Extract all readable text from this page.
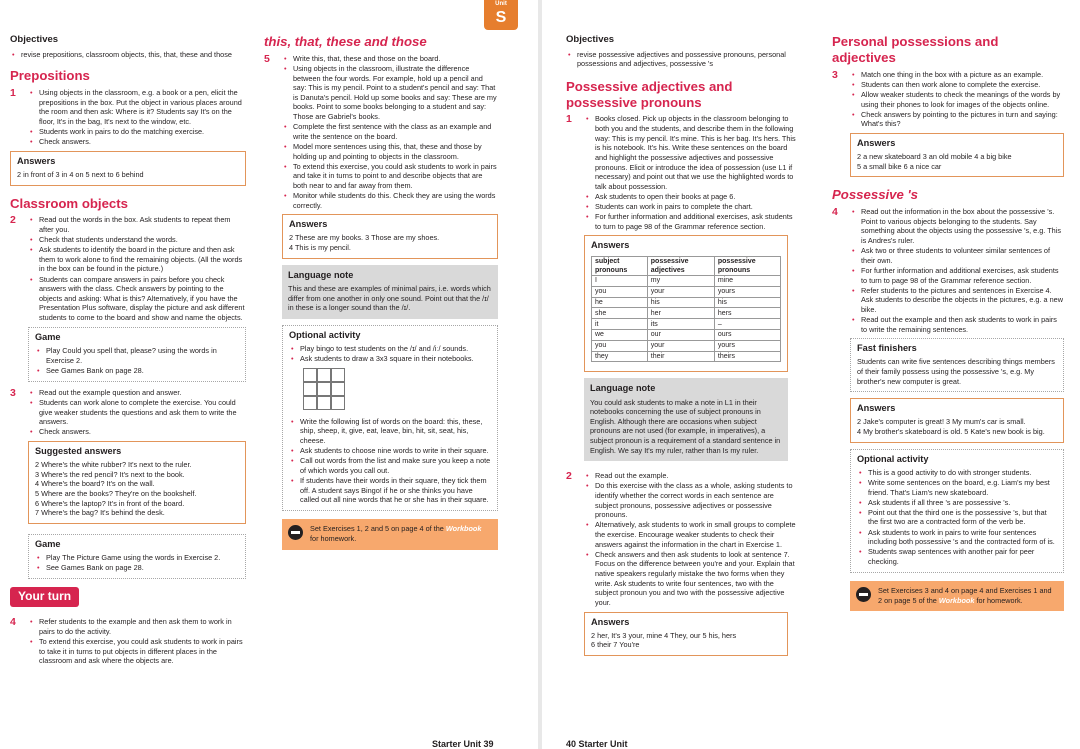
Unit
S
Objectives
• revise prepositions, classroom objects, this, that, these and those
Prepositions
1	• Using objects in the classroom, e.g. a book or a pen, elicit the prepositions in the box. Put the object in various places around the room and then ask: Where is it? Students say It's on the floor, It's in the bag, It's next to the window, etc.
• Students work in pairs to do the matching exercise.
• Check answers.
Answers
2 in front of 3 in 4 on 5 next to 6 behind
Classroom objects
2	• Read out the words in the box. Ask students to repeat them after you.
• Check that students understand the words.
• Ask students to identify the board in the picture and then ask them to work alone to find the remaining objects. (All the words in the box can be found in the picture.)
• Students can compare answers in pairs before you check answers with the class. Check answers by pointing to the objects and asking: What is this? Alternatively, if you have the Presentation Plus software, display the picture and ask different students to come to the board and show and name the objects.
Game
• Play Could you spell that, please? using the words in Exercise 2.
• See Games Bank on page 28.
3	• Read out the example question and answer.
• Students can work alone to complete the exercise. You could give weaker students the questions and ask them to write the answers.
• Check answers.
Suggested answers
2 Where's the white rubber? It's next to the ruler.
3 Where's the red pencil? It's next to the book.
4 Where's the board? It's on the wall.
5 Where are the books? They're on the bookshelf.
6 Where's the laptop? It's in front of the board.
7 Where's the bag? It's behind the desk.
Game
• Play The Picture Game using the words in Exercise 2.
• See Games Bank on page 28.
Your turn
4	• Refer students to the example and then ask them to work in pairs to do the activity.
• To extend this exercise, you could ask students to work in pairs to take it in turns to put objects in different places in the classroom and ask where the objects are.
this, that, these and those
5	• Write this, that, these and those on the board.
• Using objects in the classroom, illustrate the difference between the four words. For example, hold up a pencil and say: This is my pencil. Point to a student's pencil and say: That is Danuta's pencil. Hold up some books and say: These are my books. Point to some books belonging to a student and say: Those are Gabriel's books.
• Complete the first sentence with the class as an example and write the sentence on the board.
• Model more sentences using this, that, these and those by holding up and pointing to objects in the classroom.
• To extend this exercise, you could ask students to work in pairs and take it in turns to point to and describe objects that are both near to and far away from them.
• Monitor while students do this. Check they are using the words correctly.
Answers
2 These are my books. 3 Those are my shoes.
4 This is my pencil.
Language note
This and these are examples of minimal pairs, i.e. words which differ from one another in only one sound. Point out that the /ɪ/ in these is a longer sound than the /ɪ/.
Optional activity
• Play bingo to test students on the /ɪ/ and /iː/ sounds.
• Ask students to draw a 3x3 square in their notebooks.
• Write the following list of words on the board: this, these, ship, sheep, it, give, eat, leave, bin, hit, sit, seat, his, cheese.
• Ask students to choose nine words to write in their square.
• Call out words from the list and make sure you keep a note of which words you call out.
• If students have their words in their square, they tick them off. A student says Bingo! if he or she thinks you have called out all nine words that he or she has in their square.
Set Exercises 1, 2 and 5 on page 4 of the Workbook for homework.
Starter Unit 39
Objectives
• revise possessive adjectives and possessive pronouns, personal possessions and adjectives, possessive 's
Possessive adjectives and possessive pronouns
1	• Books closed. Pick up objects in the classroom belonging to both you and the students, and describe them in the following way: This is my pencil. It's mine. This is her bag. It's hers. This is his notebook. It's his. Write these sentences on the board and highlight the possessive adjectives and possessive pronouns. Elicit or introduce the idea of possession (use L1 if necessary) and point out that we use the highlighted words to talk about possession.
• Ask students to open their books at page 6.
• Students can work in pairs to complete the chart.
• For further information and additional exercises, ask students to turn to page 98 of the Grammar reference section.
Answers
subject pronouns	possessive adjectives	possessive pronouns
I	my	mine
you	your	yours
he	his	his
she	her	hers
it	its	–
we	our	ours
you	your	yours
they	their	theirs
Language note
You could ask students to make a note in L1 in their notebooks concerning the use of subject pronouns in English. Although there are occasions when subject pronouns are not used (for example, in imperatives), a subject pronoun is a requirement of a standard sentence in English. We say It's my ruler, rather than Is my ruler.
2	• Read out the example.
• Do this exercise with the class as a whole, asking students to identify whether the correct words in each sentence are subject pronouns, possessive adjectives or possessive pronouns.
• Alternatively, ask students to work in small groups to complete the exercise. Encourage weaker students to check their answers against the information in the chart in Exercise 1.
• Check answers and then ask students to look at sentence 7. Focus on the difference between you're and your. Explain that native speakers regularly mistake the two forms when they write. Ask students to write four sentences, two with the subject pronoun you and two with the possessive adjective your.
Answers
2 her, It's 3 your, mine 4 They, our 5 his, hers
6 their 7 You're
Personal possessions and adjectives
3	• Match one thing in the box with a picture as an example.
• Students can then work alone to complete the exercise.
• Allow weaker students to check the meanings of the words by using their phones to look for images of the objects online.
• Check answers by pointing to the pictures in turn and saying: What's this?
Answers
2 a new skateboard 3 an old mobile 4 a big bike
5 a small bike 6 a nice car
Possessive 's
4	• Read out the information in the box about the possessive 's. Point to various objects belonging to the students. Say something about the objects using the possessive 's, e.g. This is Andres's ruler.
• Ask two or three students to volunteer similar sentences of their own.
• For further information and additional exercises, ask students to turn to page 98 of the Grammar reference section.
• Refer students to the pictures and sentences in Exercise 4. Ask students to describe the objects in the pictures, e.g. a new bike.
• Read out the example and then ask students to work in pairs to write the remaining sentences.
Fast finishers
Students can write five sentences describing things members of their family possess using the possessive 's, e.g. My brother's new computer is great.
Answers
2 Jake's computer is great! 3 My mum's car is small.
4 My brother's skateboard is old. 5 Kate's new book is big.
Optional activity
• This is a good activity to do with stronger students.
• Write some sentences on the board, e.g. Liam's my best friend. That's Liam's new skateboard.
• Ask students if all three 's are possessive 's.
• Point out that the third one is the possessive 's, but that the first two are a contracted form of the verb be.
• Ask students to work in pairs to write four sentences including both possessive 's and the contracted form of is.
• Students swap sentences with another pair for peer checking.
Set Exercises 3 and 4 on page 4 and Exercises 1 and 2 on page 5 of the Workbook for homework.
40 Starter Unit
